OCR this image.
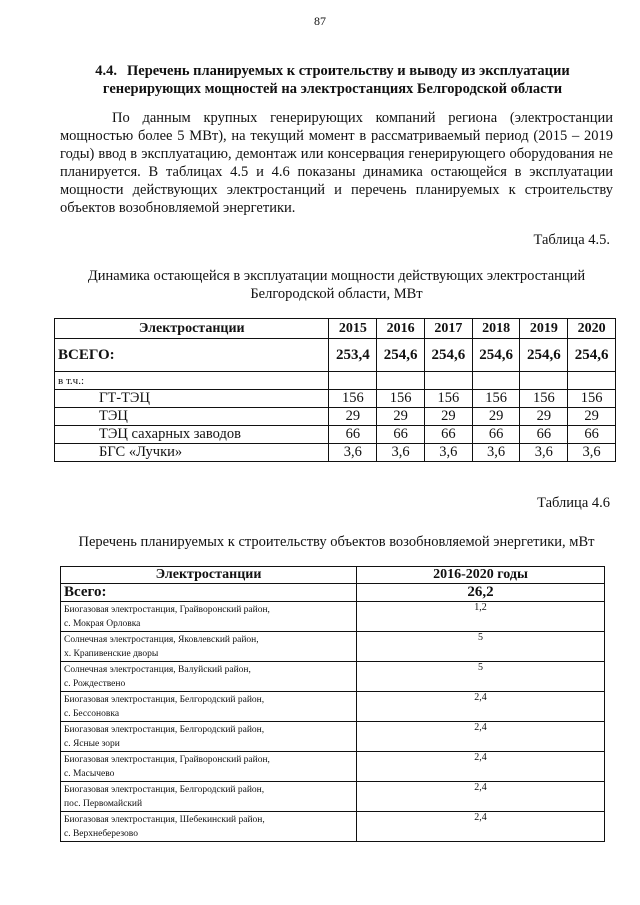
87
4.4. Перечень планируемых к строительству и выводу из эксплуатации генерирующих мощностей на электростанциях Белгородской области

По данным крупных генерирующих компаний региона (электростанции мощностью более 5 МВт), на текущий момент в рассматриваемый период (2015 – 2019 годы) ввод в эксплуатацию, демонтаж или консервация генерирующего оборудования не планируется. В таблицах 4.5 и 4.6 показаны динамика остающейся в эксплуатации мощности действующих электростанций и перечень планируемых к строительству объектов возобновляемой энергетики.

Таблица 4.5.
Динамика остающейся в эксплуатации мощности действующих электростанций
Белгородской области, МВт
Электростанции	2015	2016	2017	2018	2019	2020
ВСЕГО:	253,4	254,6	254,6	254,6	254,6	254,6
в т.ч.:						
ГТ-ТЭЦ	156	156	156	156	156	156
ТЭЦ	29	29	29	29	29	29
ТЭЦ сахарных заводов	66	66	66	66	66	66
БГС «Лучки»	3,6	3,6	3,6	3,6	3,6	3,6
Таблица 4.6
Перечень планируемых к строительству объектов возобновляемой энергетики, мВт
Электростанции	2016-2020 годы
Всего:	26,2

Биогазовая электростанция, Грайворонский район,
с. Мокрая Орловка	1,2

Солнечная электростанция, Яковлевский район,
х. Крапивенские дворы	5

Солнечная электростанция, Валуйский район,
с. Рождествено	5

Биогазовая электростанция, Белгородский район,
с. Бессоновка	2,4

Биогазовая электростанция, Белгородский район,
с. Ясные зори	2,4

Биогазовая электростанция, Грайворонский район,
с. Масычево	2,4

Биогазовая электростанция, Белгородский район,
пос. Первомайский	2,4

Биогазовая электростанция, Шебекинский район,
с. Верхнеберезово	2,4
